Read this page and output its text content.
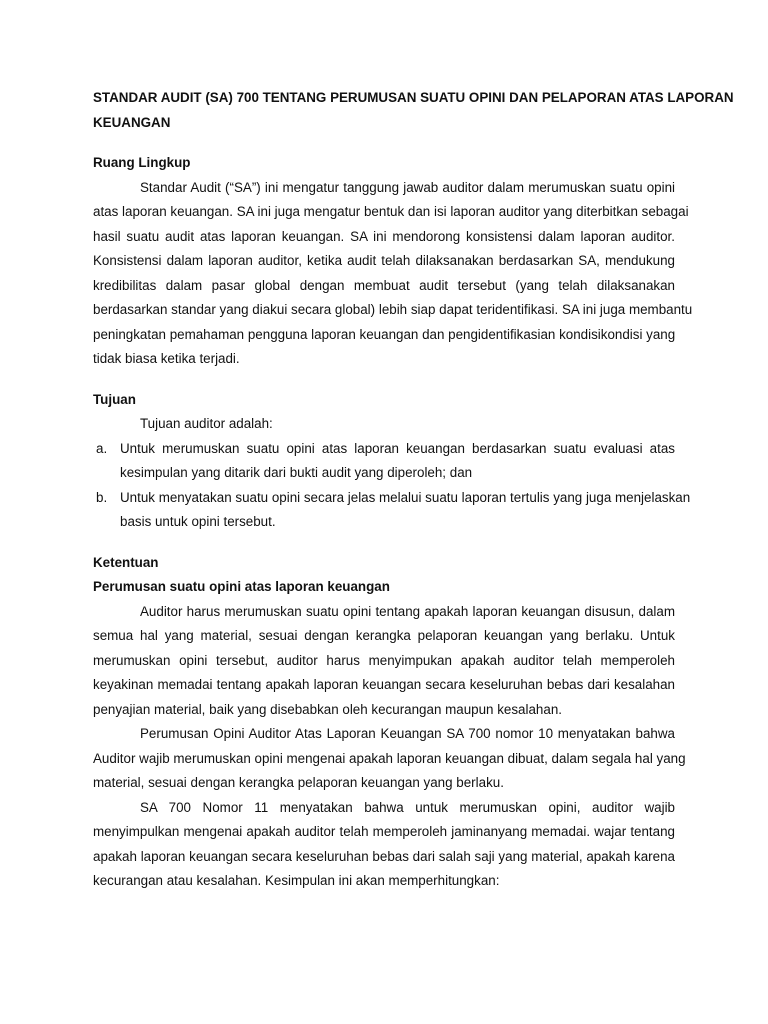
STANDAR AUDIT (SA) 700 TENTANG PERUMUSAN SUATU OPINI DAN PELAPORAN ATAS LAPORAN
KEUANGAN
Ruang Lingkup
Standar Audit (“SA”) ini mengatur tanggung jawab auditor dalam merumuskan suatu opini
atas laporan keuangan. SA ini juga mengatur bentuk dan isi laporan auditor yang diterbitkan sebagai
hasil suatu audit atas laporan keuangan. SA ini mendorong konsistensi dalam laporan auditor.
Konsistensi dalam laporan auditor, ketika audit telah dilaksanakan berdasarkan SA, mendukung
kredibilitas dalam pasar global dengan membuat audit tersebut (yang telah dilaksanakan
berdasarkan standar yang diakui secara global) lebih siap dapat teridentifikasi. SA ini juga membantu
peningkatan pemahaman pengguna laporan keuangan dan pengidentifikasian kondisikondisi yang
tidak biasa ketika terjadi.
Tujuan
Tujuan auditor adalah:
a. Untuk merumuskan suatu opini atas laporan keuangan berdasarkan suatu evaluasi atas
kesimpulan yang ditarik dari bukti audit yang diperoleh; dan
b. Untuk menyatakan suatu opini secara jelas melalui suatu laporan tertulis yang juga menjelaskan
basis untuk opini tersebut.
Ketentuan
Perumusan suatu opini atas laporan keuangan
Auditor harus merumuskan suatu opini tentang apakah laporan keuangan disusun, dalam
semua hal yang material, sesuai dengan kerangka pelaporan keuangan yang berlaku. Untuk
merumuskan opini tersebut, auditor harus menyimpukan apakah auditor telah memperoleh
keyakinan memadai tentang apakah laporan keuangan secara keseluruhan bebas dari kesalahan
penyajian material, baik yang disebabkan oleh kecurangan maupun kesalahan.
Perumusan Opini Auditor Atas Laporan Keuangan SA 700 nomor 10 menyatakan bahwa
Auditor wajib merumuskan opini mengenai apakah laporan keuangan dibuat, dalam segala hal yang
material, sesuai dengan kerangka pelaporan keuangan yang berlaku.
SA 700 Nomor 11 menyatakan bahwa untuk merumuskan opini, auditor wajib
menyimpulkan mengenai apakah auditor telah memperoleh jaminanyang memadai. wajar tentang
apakah laporan keuangan secara keseluruhan bebas dari salah saji yang material, apakah karena
kecurangan atau kesalahan. Kesimpulan ini akan memperhitungkan:
